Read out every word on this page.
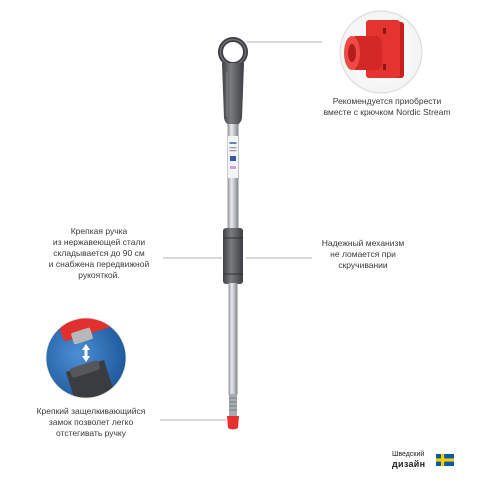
Рекомендуется приобрести
вместе с крючком Nordic Stream
Крепкая ручка
из нержавеющей стали
складывается до 90 см
и снабжена передвижной
рукояткой.
Надежный механизм
не ломается при
скручивании
Крепкий защелкивающийся
замок позволет легко
отстегивать ручку
Шведский
дизайн
